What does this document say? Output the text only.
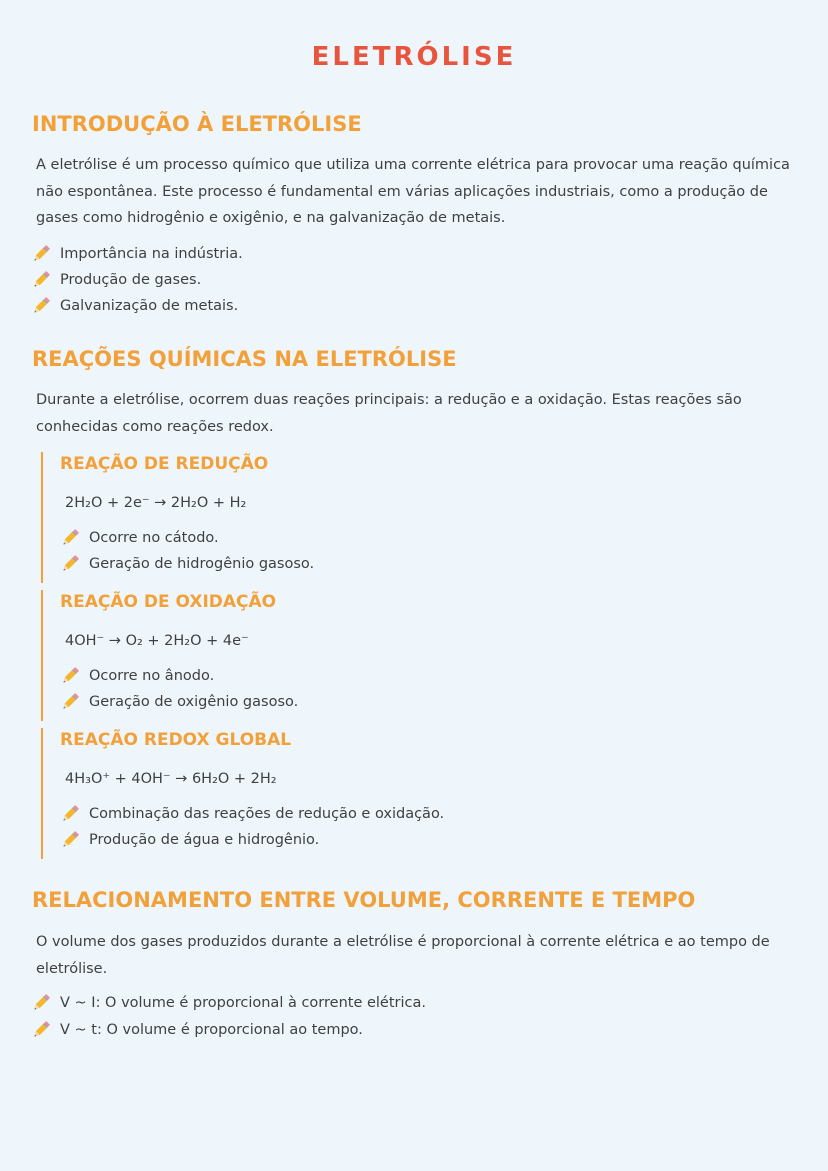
ELETRÓLISE
INTRODUÇÃO À ELETRÓLISE
A eletrólise é um processo químico que utiliza uma corrente elétrica para provocar uma reação química
não espontânea. Este processo é fundamental em várias aplicações industriais, como a produção de
gases como hidrogênio e oxigênio, e na galvanização de metais.
Importância na indústria.
Produção de gases.
Galvanização de metais.
REAÇÕES QUÍMICAS NA ELETRÓLISE
Durante a eletrólise, ocorrem duas reações principais: a redução e a oxidação. Estas reações são
conhecidas como reações redox.
REAÇÃO DE REDUÇÃO
2H₂O + 2e⁻ → 2H₂O + H₂
Ocorre no cátodo.
Geração de hidrogênio gasoso.
REAÇÃO DE OXIDAÇÃO
4OH⁻ → O₂ + 2H₂O + 4e⁻
Ocorre no ânodo.
Geração de oxigênio gasoso.
REAÇÃO REDOX GLOBAL
4H₃O⁺ + 4OH⁻ → 6H₂O + 2H₂
Combinação das reações de redução e oxidação.
Produção de água e hidrogênio.
RELACIONAMENTO ENTRE VOLUME, CORRENTE E TEMPO
O volume dos gases produzidos durante a eletrólise é proporcional à corrente elétrica e ao tempo de
eletrólise.
V ~ I: O volume é proporcional à corrente elétrica.
V ~ t: O volume é proporcional ao tempo.
